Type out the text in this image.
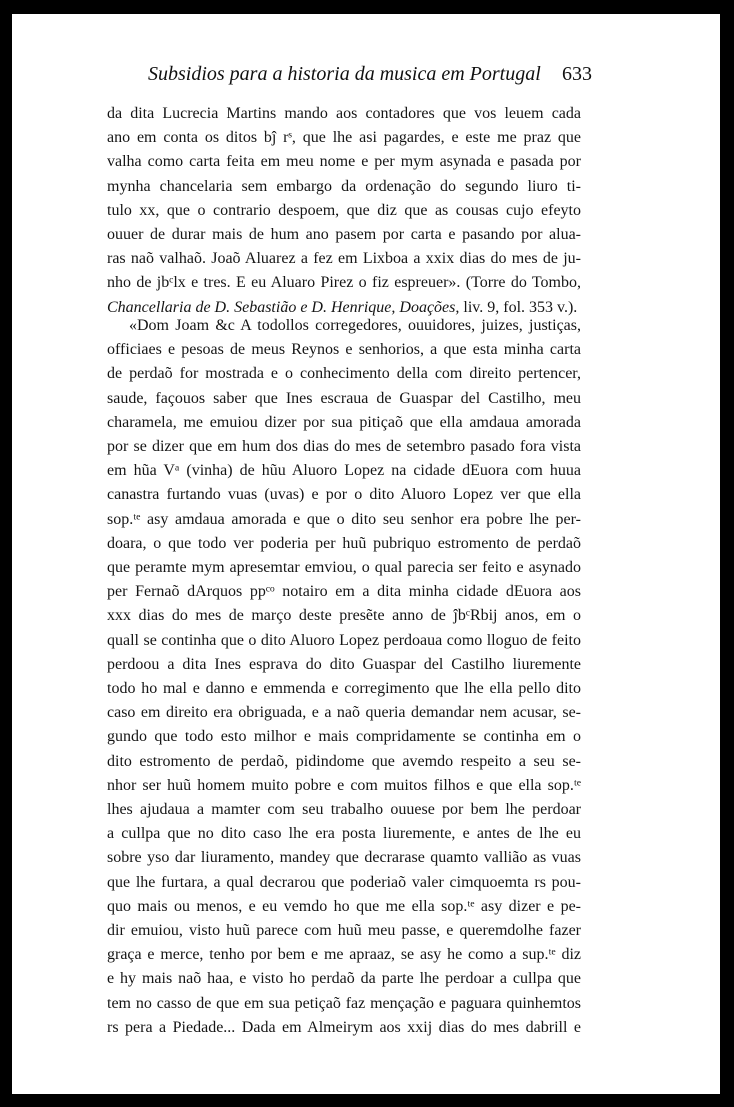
Subsidios para a historia da musica em Portugal 633
da dita Lucrecia Martins mando aos contadores que vos leuem cada
ano em conta os ditos bĵ rˢ, que lhe asi pagardes, e este me praz que
valha como carta feita em meu nome e per mym asynada e pasada por
mynha chancelaria sem embargo da ordenação do segundo liuro ti-
tulo xx, que o contrario despoem, que diz que as cousas cujo efeyto
ouuer de durar mais de hum ano pasem por carta e pasando por alua-
ras naõ valhaõ. Joaõ Aluarez a fez em Lixboa a xxix dias do mes de ju-
nho de jbᶜlx e tres. E eu Aluaro Pirez o fiz espreuer». (Torre do Tombo,
Chancellaria de D. Sebastião e D. Henrique, Doações, liv. 9, fol. 353 v.).
«Dom Joam &c A todollos corregedores, ouuidores, juizes, justiças,
officiaes e pesoas de meus Reynos e senhorios, a que esta minha carta
de perdaõ for mostrada e o conhecimento della com direito pertencer,
saude, façouos saber que Ines escraua de Guaspar del Castilho, meu
charamela, me emuiou dizer por sua pitiçaõ que ella amdaua amorada
por se dizer que em hum dos dias do mes de setembro pasado fora vista
em hũa Vᵃ (vinha) de hũu Aluoro Lopez na cidade dEuora com huua
canastra furtando vuas (uvas) e por o dito Aluoro Lopez ver que ella
sop.ᵗᵉ asy amdaua amorada e que o dito seu senhor era pobre lhe per-
doara, o que todo ver poderia per huũ pubriquo estromento de perdaõ
que peramte mym apresemtar emviou, o qual parecia ser feito e asynado
per Fernaõ dArquos ppᶜᵒ notairo em a dita minha cidade dEuora aos
xxx dias do mes de março deste presẽte anno de ĵbᶜRbij anos, em o
quall se continha que o dito Aluoro Lopez perdoaua como lloguo de feito
perdoou a dita Ines esprava do dito Guaspar del Castilho liuremente
todo ho mal e danno e emmenda e corregimento que lhe ella pello dito
caso em direito era obriguada, e a naõ queria demandar nem acusar, se-
gundo que todo esto milhor e mais compridamente se continha em o
dito estromento de perdaõ, pidindome que avemdo respeito a seu se-
nhor ser huũ homem muito pobre e com muitos filhos e que ella sop.ᵗᵉ
lhes ajudaua a mamter com seu trabalho ouuese por bem lhe perdoar
a cullpa que no dito caso lhe era posta liuremente, e antes de lhe eu
sobre yso dar liuramento, mandey que decrarase quamto vallião as vuas
que lhe furtara, a qual decrarou que poderiaõ valer cimquoemta rs pou-
quo mais ou menos, e eu vemdo ho que me ella sop.ᵗᵉ asy dizer e pe-
dir emuiou, visto huũ parece com huũ meu passe, e queremdolhe fazer
graça e merce, tenho por bem e me apraaz, se asy he como a sup.ᵗᵉ diz
e hy mais naõ haa, e visto ho perdaõ da parte lhe perdoar a cullpa que
tem no casso de que em sua petiçaõ faz mençação e paguara quinhemtos
rs pera a Piedade... Dada em Almeirym aos xxij dias do mes dabrill e
